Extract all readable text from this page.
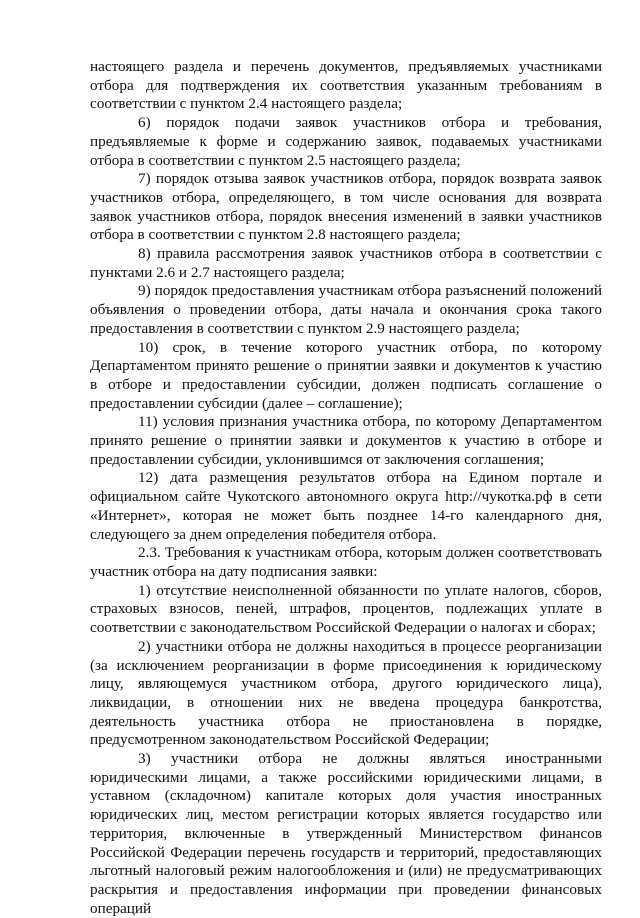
настоящего раздела и перечень документов, предъявляемых участниками отбора для подтверждения их соответствия указанным требованиям в соответствии с пунктом 2.4 настоящего раздела;

6) порядок подачи заявок участников отбора и требования, предъявляемые к форме и содержанию заявок, подаваемых участниками отбора в соответствии с пунктом 2.5 настоящего раздела;

7) порядок отзыва заявок участников отбора, порядок возврата заявок участников отбора, определяющего, в том числе основания для возврата заявок участников отбора, порядок внесения изменений в заявки участников отбора в соответствии с пунктом 2.8 настоящего раздела;

8) правила рассмотрения заявок участников отбора в соответствии с пунктами 2.6 и 2.7 настоящего раздела;

9) порядок предоставления участникам отбора разъяснений положений объявления о проведении отбора, даты начала и окончания срока такого предоставления в соответствии с пунктом 2.9 настоящего раздела;

10) срок, в течение которого участник отбора, по которому Департаментом принято решение о принятии заявки и документов к участию в отборе и предоставлении субсидии, должен подписать соглашение о предоставлении субсидии (далее – соглашение);

11) условия признания участника отбора, по которому Департаментом принято решение о принятии заявки и документов к участию в отборе и предоставлении субсидии, уклонившимся от заключения соглашения;

12) дата размещения результатов отбора на Едином портале и официальном сайте Чукотского автономного округа http://чукотка.рф в сети «Интернет», которая не может быть позднее 14-го календарного дня, следующего за днем определения победителя отбора.

2.3. Требования к участникам отбора, которым должен соответствовать участник отбора на дату подписания заявки:

1) отсутствие неисполненной обязанности по уплате налогов, сборов, страховых взносов, пеней, штрафов, процентов, подлежащих уплате в соответствии с законодательством Российской Федерации о налогах и сборах;

2) участники отбора не должны находиться в процессе реорганизации (за исключением реорганизации в форме присоединения к юридическому лицу, являющемуся участником отбора, другого юридического лица), ликвидации, в отношении них не введена процедура банкротства, деятельность участника отбора не приостановлена в порядке, предусмотренном законодательством Российской Федерации;

3) участники отбора не должны являться иностранными юридическими лицами, а также российскими юридическими лицами, в уставном (складочном) капитале которых доля участия иностранных юридических лиц, местом регистрации которых является государство или территория, включенные в утвержденный Министерством финансов Российской Федерации перечень государств и территорий, предоставляющих льготный налоговый режим налогообложения и (или) не предусматривающих раскрытия и предоставления информации при проведении финансовых операций
